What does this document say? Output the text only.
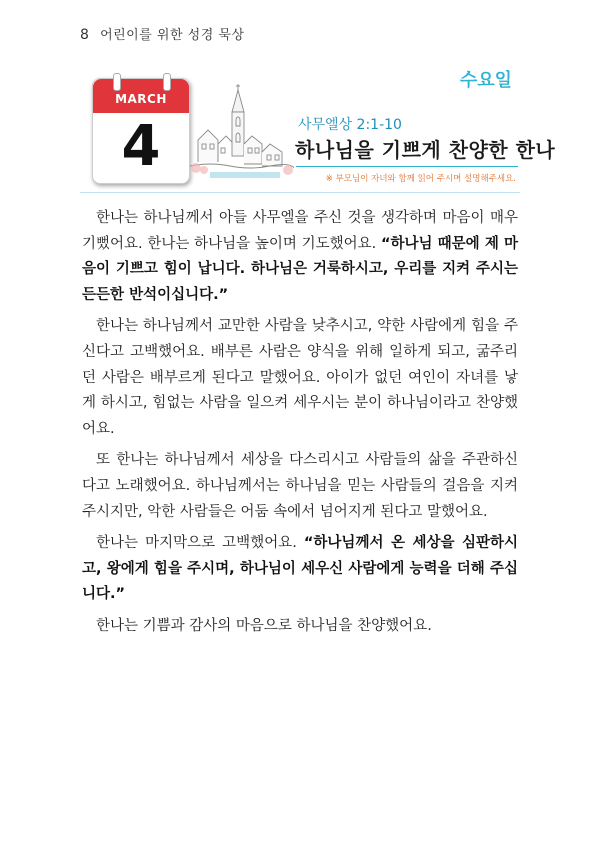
8 어린이를 위한 성경 묵상
MARCH
4
수요일
사무엘상 2:1-10
하나님을 기쁘게 찬양한 한나
※ 부모님이 자녀와 함께 읽어 주시며 설명해주세요.

한나는 하나님께서 아들 사무엘을 주신 것을 생각하며 마음이 매우 기뻤어요. 한나는 하나님을 높이며 기도했어요. “하나님 때문에 제 마음이 기쁘고 힘이 납니다. 하나님은 거룩하시고, 우리를 지켜 주시는 든든한 반석이십니다.”

한나는 하나님께서 교만한 사람을 낮추시고, 약한 사람에게 힘을 주신다고 고백했어요. 배부른 사람은 양식을 위해 일하게 되고, 굶주리던 사람은 배부르게 된다고 말했어요. 아이가 없던 여인이 자녀를 낳게 하시고, 힘없는 사람을 일으켜 세우시는 분이 하나님이라고 찬양했어요.

또 한나는 하나님께서 세상을 다스리시고 사람들의 삶을 주관하신다고 노래했어요. 하나님께서는 하나님을 믿는 사람들의 걸음을 지켜 주시지만, 악한 사람들은 어둠 속에서 넘어지게 된다고 말했어요.

한나는 마지막으로 고백했어요. “하나님께서 온 세상을 심판하시고, 왕에게 힘을 주시며, 하나님이 세우신 사람에게 능력을 더해 주십니다.”

한나는 기쁨과 감사의 마음으로 하나님을 찬양했어요.
